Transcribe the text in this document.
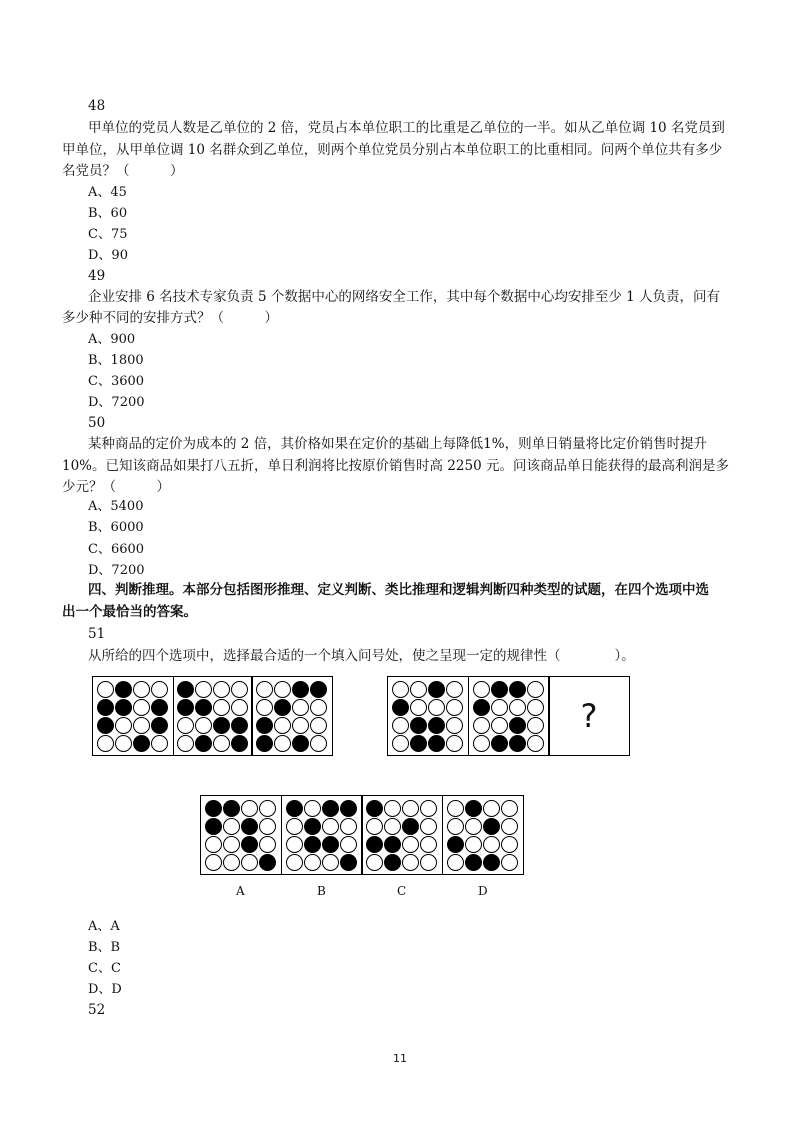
48
甲单位的党员人数是乙单位的 2 倍，党员占本单位职工的比重是乙单位的一半。如从乙单位调 10 名党员到
甲单位，从甲单位调 10 名群众到乙单位，则两个单位党员分别占本单位职工的比重相同。问两个单位共有多少
名党员？（　　　）
A、45
B、60
C、75
D、90
49
企业安排 6 名技术专家负责 5 个数据中心的网络安全工作，其中每个数据中心均安排至少 1 人负责，问有
多少种不同的安排方式？（　　　）
A、900
B、1800
C、3600
D、7200
50
某种商品的定价为成本的 2 倍，其价格如果在定价的基础上每降低1%，则单日销量将比定价销售时提升
10%。已知该商品如果打八五折，单日利润将比按原价销售时高 2250 元。问该商品单日能获得的最高利润是多
少元？（　　　）
A、5400
B、6000
C、6600
D、7200
四、判断推理。本部分包括图形推理、定义判断、类比推理和逻辑判断四种类型的试题，在四个选项中选
出一个最恰当的答案。
51
从所给的四个选项中，选择最合适的一个填入问号处，使之呈现一定的规律性（　　　　）。
?
A	B	C	D
A、A
B、B
C、C
D、D
52
11
